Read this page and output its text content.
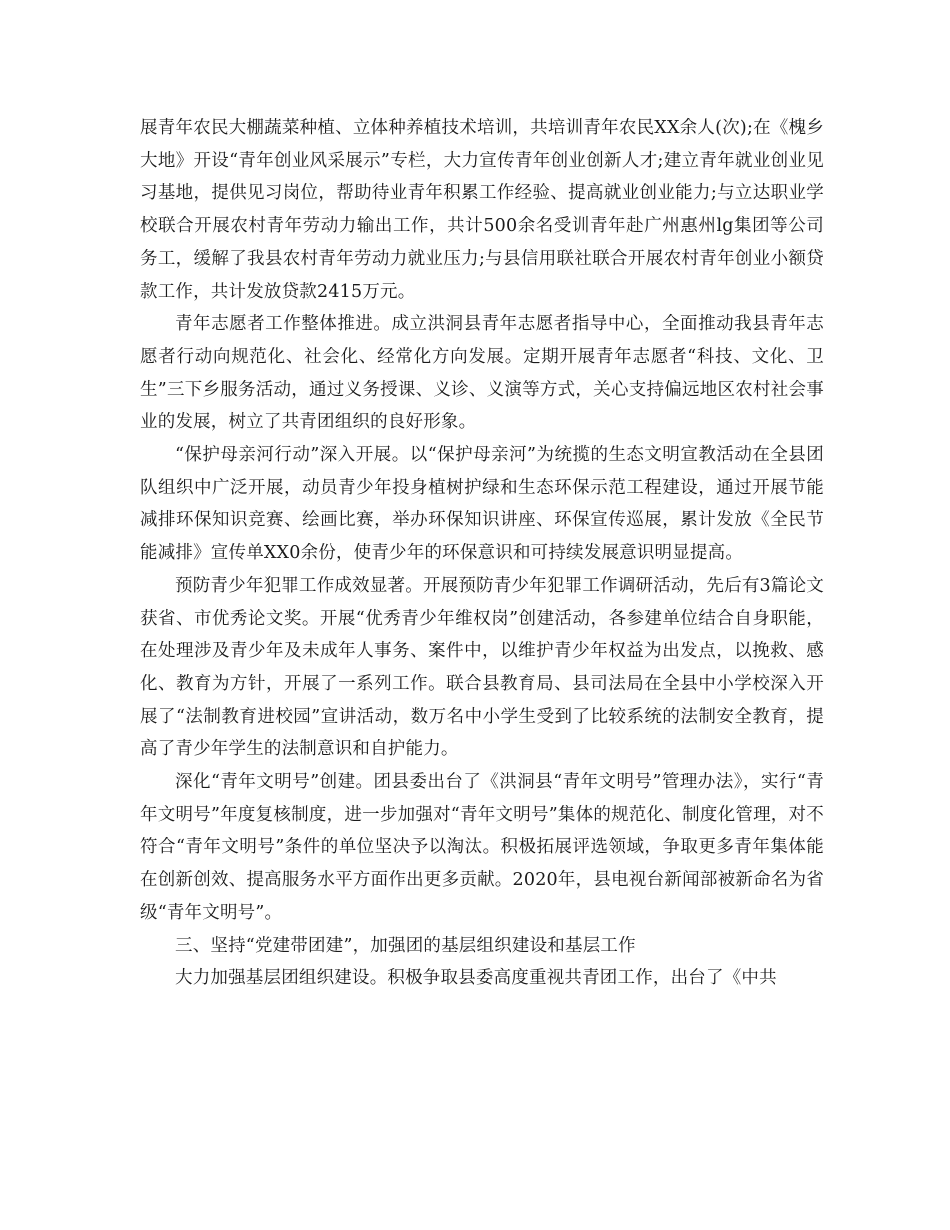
展青年农民大棚蔬菜种植、立体种养植技术培训，共培训青年农民XX余人(次);在《槐乡大地》开设“青年创业风采展示”专栏，大力宣传青年创业创新人才;建立青年就业创业见习基地，提供见习岗位，帮助待业青年积累工作经验、提高就业创业能力;与立达职业学校联合开展农村青年劳动力输出工作，共计500余名受训青年赴广州惠州lg集团等公司务工，缓解了我县农村青年劳动力就业压力;与县信用联社联合开展农村青年创业小额贷款工作，共计发放贷款2415万元。

青年志愿者工作整体推进。成立洪洞县青年志愿者指导中心，全面推动我县青年志愿者行动向规范化、社会化、经常化方向发展。定期开展青年志愿者“科技、文化、卫生”三下乡服务活动，通过义务授课、义诊、义演等方式，关心支持偏远地区农村社会事业的发展，树立了共青团组织的良好形象。

“保护母亲河行动”深入开展。以“保护母亲河”为统揽的生态文明宣教活动在全县团队组织中广泛开展，动员青少年投身植树护绿和生态环保示范工程建设，通过开展节能减排环保知识竞赛、绘画比赛，举办环保知识讲座、环保宣传巡展，累计发放《全民节能减排》宣传单XX0余份，使青少年的环保意识和可持续发展意识明显提高。

预防青少年犯罪工作成效显著。开展预防青少年犯罪工作调研活动，先后有3篇论文获省、市优秀论文奖。开展“优秀青少年维权岗”创建活动，各参建单位结合自身职能，在处理涉及青少年及未成年人事务、案件中，以维护青少年权益为出发点，以挽救、感化、教育为方针，开展了一系列工作。联合县教育局、县司法局在全县中小学校深入开展了“法制教育进校园”宣讲活动，数万名中小学生受到了比较系统的法制安全教育，提高了青少年学生的法制意识和自护能力。

深化“青年文明号”创建。团县委出台了《洪洞县“青年文明号”管理办法》，实行“青年文明号”年度复核制度，进一步加强对“青年文明号”集体的规范化、制度化管理，对不符合“青年文明号”条件的单位坚决予以淘汰。积极拓展评选领域，争取更多青年集体能在创新创效、提高服务水平方面作出更多贡献。2020年，县电视台新闻部被新命名为省级“青年文明号”。

三、坚持“党建带团建”，加强团的基层组织建设和基层工作

大力加强基层团组织建设。积极争取县委高度重视共青团工作，出台了《中共
